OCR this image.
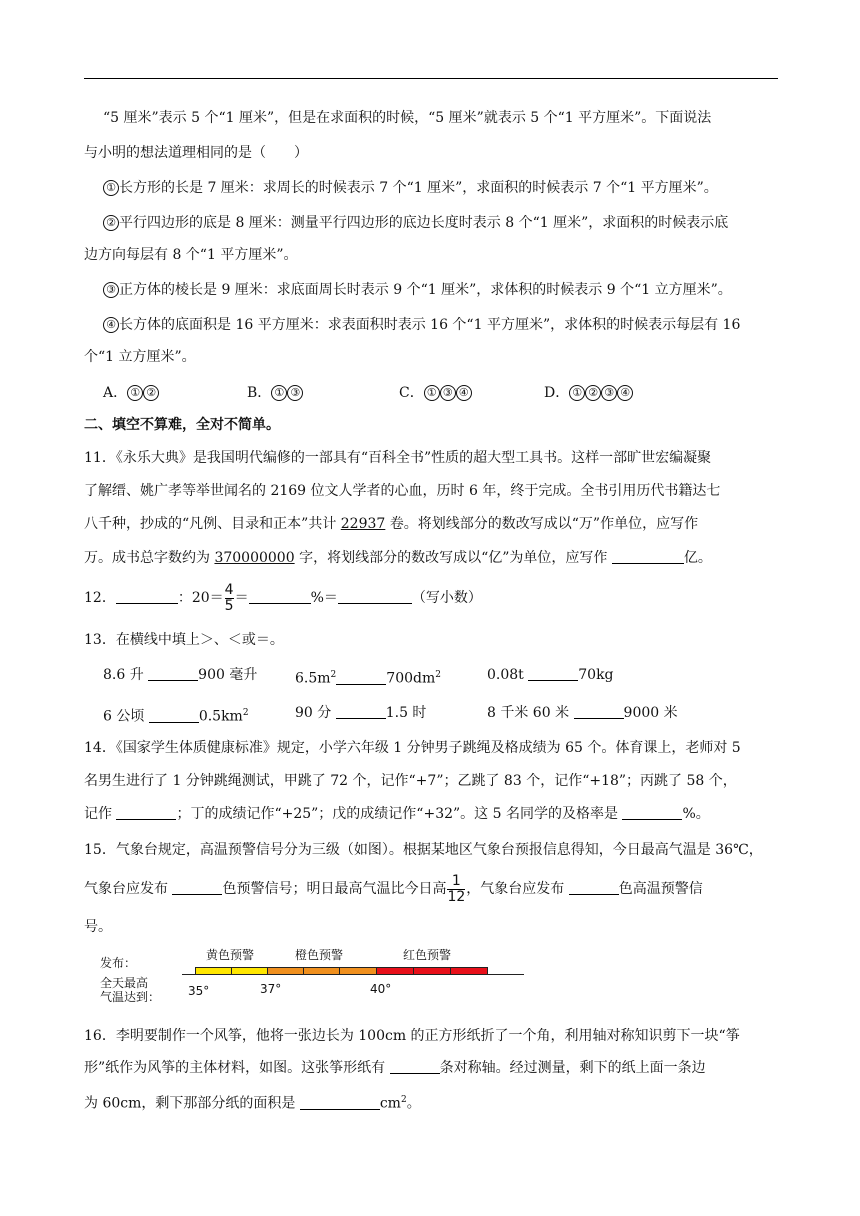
“5 厘米”表示 5 个“1 厘米”，但是在求面积的时候，“5 厘米”就表示 5 个“1 平方厘米”。下面说法
与小明的想法道理相同的是（　　）
① 长方形的长是 7 厘米：求周长的时候表示 7 个“1 厘米”，求面积的时候表示 7 个“1 平方厘米”。
② 平行四边形的底是 8 厘米：测量平行四边形的底边长度时表示 8 个“1 厘米”，求面积的时候表示底
边方向每层有 8 个“1 平方厘米”。
③ 正方体的棱长是 9 厘米：求底面周长时表示 9 个“1 厘米”，求体积的时候表示 9 个“1 立方厘米”。
④ 长方体的底面积是 16 平方厘米：求表面积时表示 16 个“1 平方厘米”，求体积的时候表示每层有 16
个“1 立方厘米”。
A． ① ②	B． ① ③	C． ① ③ ④	D． ① ② ③ ④
二、填空不算难，全对不简单。
11．《永乐大典》是我国明代编修的一部具有“百科全书”性质的超大型工具书。这样一部旷世宏编凝聚
了解缙、姚广孝等举世闻名的 2169 位文人学者的心血，历时 6 年，终于完成。全书引用历代书籍达七
八千种，抄成的“凡例、目录和正本”共计 22937 卷。将划线部分的数改写成以“万”作单位，应写作
万。成书总字数约为 370000000 字，将划线部分的数改写成以“亿”为单位，应写作	亿。
12．	：$20= \frac{4}{5}$ ＝	%＝	（写小数）
13．在横线中填上＞、＜或＝。
8.6 升	900 毫升	$6.5m^2$	$700dm^2$	0.08t	70kg
6 公顷	$0.5km^2$	90 分	1.5 时	8 千米 60 米	9000 米
14．《国家学生体质健康标准》规定，小学六年级 1 分钟男子跳绳及格成绩为 65 个。体育课上，老师对 5
名男生进行了 1 分钟跳绳测试，甲跳了 72 个，记作“+7”；乙跳了 83 个，记作“+18”；丙跳了 58 个，
记作	；丁的成绩记作“+25”；戊的成绩记作“+32”。这 5 名同学的及格率是	%。
15．气象台规定，高温预警信号分为三级（如图）。根据某地区气象台预报信息得知，今日最高气温是 36℃，
气象台应发布	色预警信号；明日最高气温比今日高 $\frac{1}{12}$ ，气象台应发布	色高温预警信
号。
发布：
黄色预警	橙色预警	红色预警
全天最高
气温达到： 35°	37°	40°
16．李明要制作一个风筝，他将一张边长为 100cm 的正方形纸折了一个角，利用轴对称知识剪下一块“筝
形”纸作为风筝的主体材料，如图。这张筝形纸有	条对称轴。经过测量，剩下的纸上面一条边
为 60cm，剩下那部分纸的面积是	$cm^2$。
